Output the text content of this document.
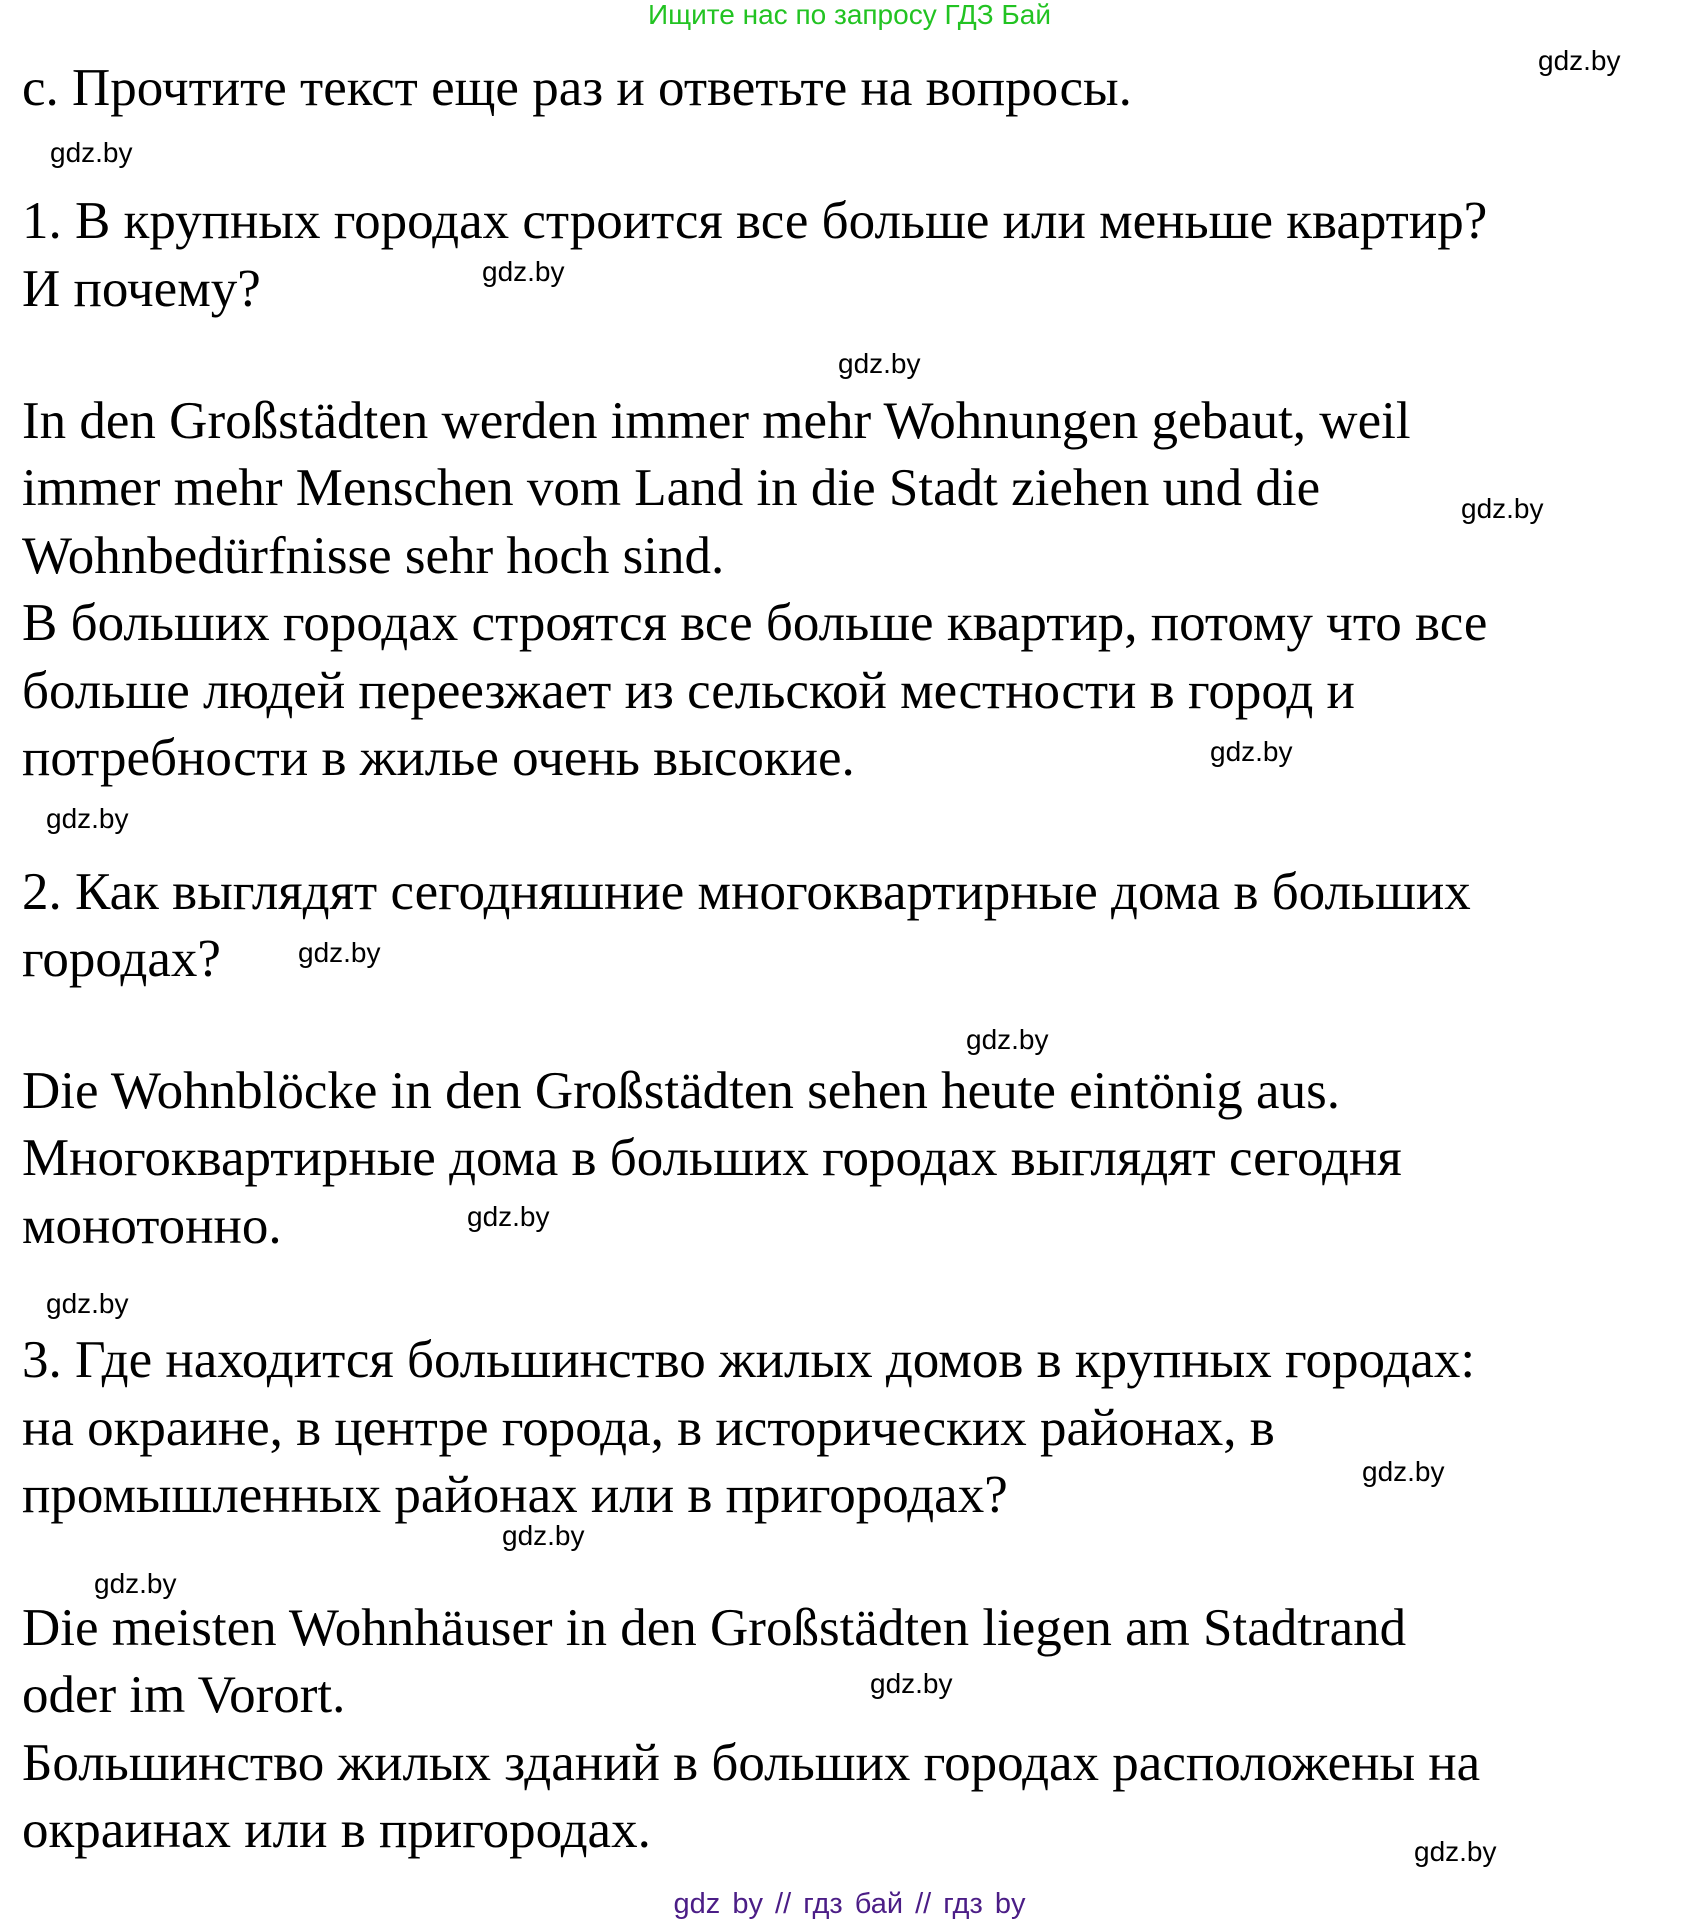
Ищите нас по запросу ГДЗ Бай
c. Прочтите текст еще раз и ответьте на вопросы.
1. В крупных городах строится все больше или меньше квартир?
И почему?
In den Großstädten werden immer mehr Wohnungen gebaut, weil
immer mehr Menschen vom Land in die Stadt ziehen und die
Wohnbedürfnisse sehr hoch sind.
В больших городах строятся все больше квартир, потому что все
больше людей переезжает из сельской местности в город и
потребности в жилье очень высокие.
2. Как выглядят сегодняшние многоквартирные дома в больших
городах?
Die Wohnblöcke in den Großstädten sehen heute eintönig aus.
Многоквартирные дома в больших городах выглядят сегодня
монотонно.
3. Где находится большинство жилых домов в крупных городах:
на окраине, в центре города, в исторических районах, в
промышленных районах или в пригородах?
Die meisten Wohnhäuser in den Großstädten liegen am Stadtrand
oder im Vorort.
Большинство жилых зданий в больших городах расположены на
окраинах или в пригородах.
gdz.by
gdz.by
gdz.by
gdz.by
gdz.by
gdz.by
gdz.by
gdz.by
gdz.by
gdz.by
gdz.by
gdz.by
gdz.by
gdz.by
gdz.by
gdz.by
gdz by // гдз бай // гдз by
